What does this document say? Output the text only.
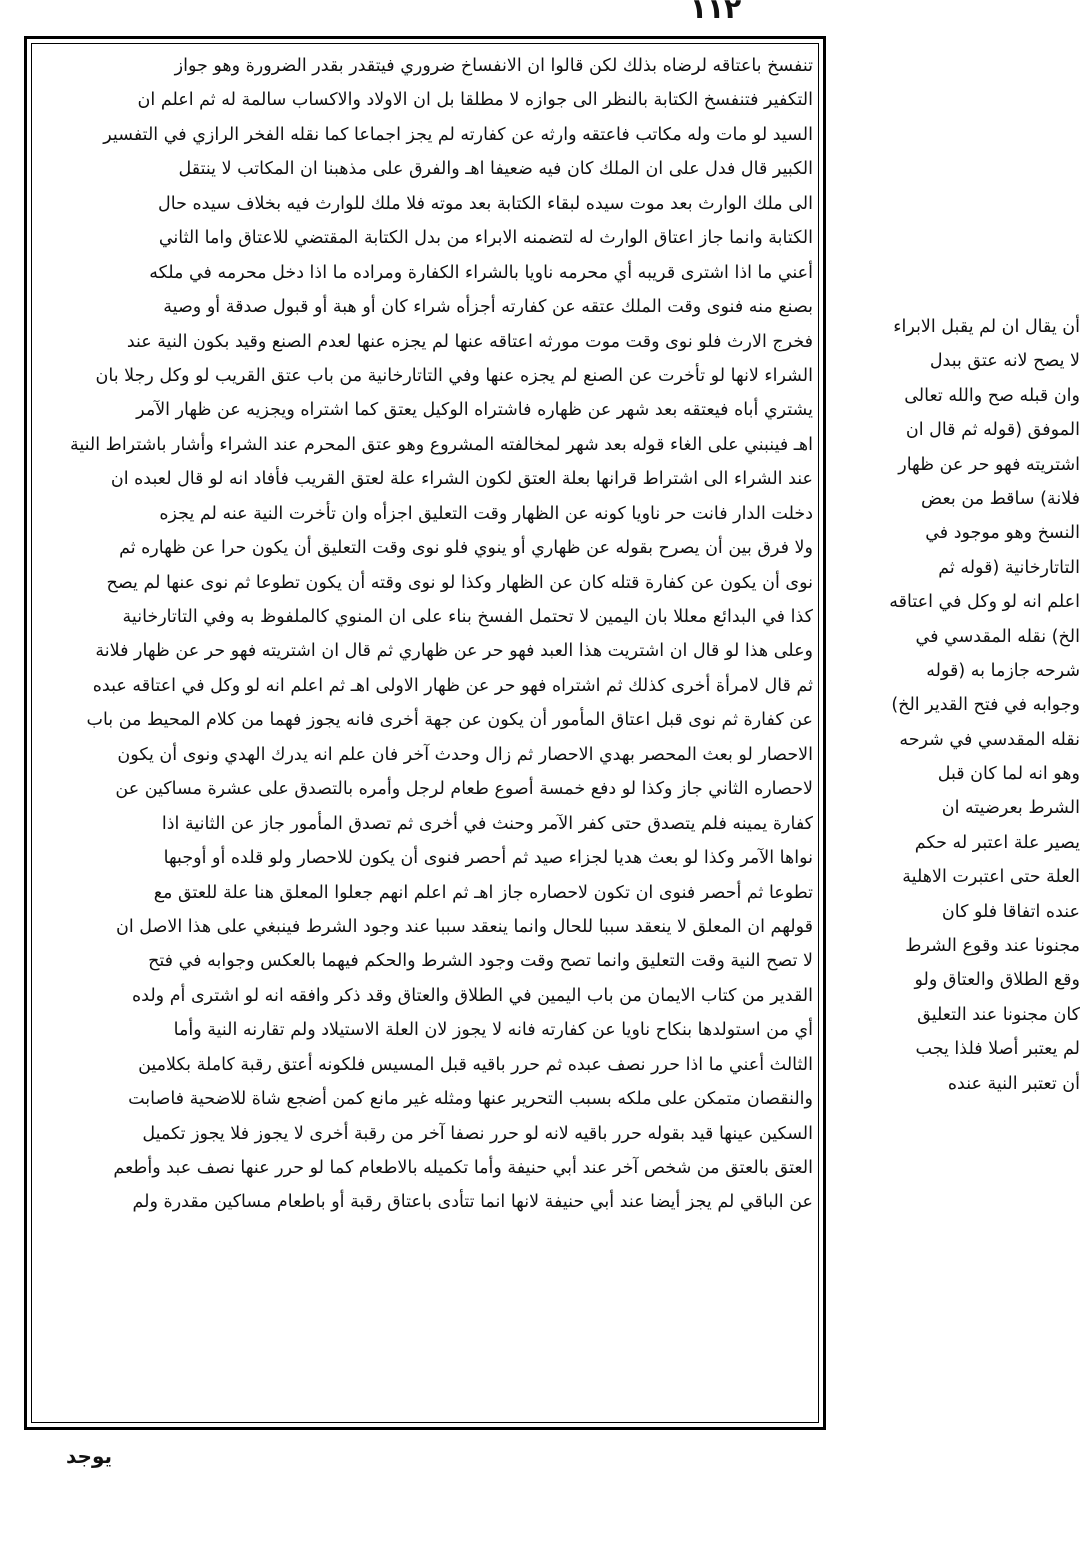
١١٢
تنفسخ باعتاقه لرضاه بذلك لكن قالوا ان الانفساخ ضروري فيتقدر بقدر الضرورة وهو جواز
التكفير فتنفسخ الكتابة بالنظر الى جوازه لا مطلقا بل ان الاولاد والاكساب سالمة له ثم اعلم ان
السيد لو مات وله مكاتب فاعتقه وارثه عن كفارته لم يجز اجماعا كما نقله الفخر الرازي في التفسير
الكبير قال فدل على ان الملك كان فيه ضعيفا اهـ والفرق على مذهبنا ان المكاتب لا ينتقل
الى ملك الوارث بعد موت سيده لبقاء الكتابة بعد موته فلا ملك للوارث فيه بخلاف سيده حال
الكتابة وانما جاز اعتاق الوارث له لتضمنه الابراء من بدل الكتابة المقتضي للاعتاق واما الثاني
أعني ما اذا اشترى قريبه أي محرمه ناويا بالشراء الكفارة ومراده ما اذا دخل محرمه في ملكه
بصنع منه فنوى وقت الملك عتقه عن كفارته أجزأه شراء كان أو هبة أو قبول صدقة أو وصية
فخرج الارث فلو نوى وقت موت مورثه اعتاقه عنها لم يجزه عنها لعدم الصنع وقيد بكون النية عند
الشراء لانها لو تأخرت عن الصنع لم يجزه عنها وفي التاتارخانية من باب عتق القريب لو وكل رجلا بان
يشتري أباه فيعتقه بعد شهر عن ظهاره فاشتراه الوكيل يعتق كما اشتراه ويجزيه عن ظهار الآمر
اهـ فينبني على الغاء قوله بعد شهر لمخالفته المشروع وهو عتق المحرم عند الشراء وأشار باشتراط النية
عند الشراء الى اشتراط قرانها بعلة العتق لكون الشراء علة لعتق القريب فأفاد انه لو قال لعبده ان
دخلت الدار فانت حر ناويا كونه عن الظهار وقت التعليق اجزأه وان تأخرت النية عنه لم يجزه
ولا فرق بين أن يصرح بقوله عن ظهاري أو ينوي فلو نوى وقت التعليق أن يكون حرا عن ظهاره ثم
نوى أن يكون عن كفارة قتله كان عن الظهار وكذا لو نوى وقته أن يكون تطوعا ثم نوى عنها لم يصح
كذا في البدائع معللا بان اليمين لا تحتمل الفسخ بناء على ان المنوي كالملفوظ به وفي التاتارخانية
وعلى هذا لو قال ان اشتريت هذا العبد فهو حر عن ظهاري ثم قال ان اشتريته فهو حر عن ظهار فلانة
ثم قال لامرأة أخرى كذلك ثم اشتراه فهو حر عن ظهار الاولى اهـ ثم اعلم انه لو وكل في اعتاقه عبده
عن كفارة ثم نوى قبل اعتاق المأمور أن يكون عن جهة أخرى فانه يجوز فهما من كلام المحيط من باب
الاحصار لو بعث المحصر بهدي الاحصار ثم زال وحدث آخر فان علم انه يدرك الهدي ونوى أن يكون
لاحصاره الثاني جاز وكذا لو دفع خمسة أصوع طعام لرجل وأمره بالتصدق على عشرة مساكين عن
كفارة يمينه فلم يتصدق حتى كفر الآمر وحنث في أخرى ثم تصدق المأمور جاز عن الثانية اذا
نواها الآمر وكذا لو بعث هديا لجزاء صيد ثم أحصر فنوى أن يكون للاحصار ولو قلده أو أوجبها
تطوعا ثم أحصر فنوى ان تكون لاحصاره جاز اهـ ثم اعلم انهم جعلوا المعلق هنا علة للعتق مع
قولهم ان المعلق لا ينعقد سببا للحال وانما ينعقد سببا عند وجود الشرط فينبغي على هذا الاصل ان
لا تصح النية وقت التعليق وانما تصح وقت وجود الشرط والحكم فيهما بالعكس وجوابه في فتح
القدير من كتاب الايمان من باب اليمين في الطلاق والعتاق وقد ذكر وافقه انه لو اشترى أم ولده
أي من استولدها بنكاح ناويا عن كفارته فانه لا يجوز لان العلة الاستيلاد ولم تقارنه النية وأما
الثالث أعني ما اذا حرر نصف عبده ثم حرر باقيه قبل المسيس فلكونه أعتق رقبة كاملة بكلامين
والنقصان متمكن على ملكه بسبب التحرير عنها ومثله غير مانع كمن أضجع شاة للاضحية فاصابت
السكين عينها قيد بقوله حرر باقيه لانه لو حرر نصفا آخر من رقبة أخرى لا يجوز فلا يجوز تكميل
العتق بالعتق من شخص آخر عند أبي حنيفة وأما تكميله بالاطعام كما لو حرر عنها نصف عبد وأطعم
عن الباقي لم يجز أيضا عند أبي حنيفة لانها انما تتأدى باعتاق رقبة أو باطعام مساكين مقدرة ولم
أن يقال ان لم يقبل الابراء
لا يصح لانه عتق ببدل
وان قبله صح والله تعالى
الموفق (قوله ثم قال ان
اشتريته فهو حر عن ظهار
فلانة) ساقط من بعض
النسخ وهو موجود في
التاتارخانية (قوله ثم
اعلم انه لو وكل في اعتاقه
الخ) نقله المقدسي في
شرحه جازما به (قوله
وجوابه في فتح القدير الخ)
نقله المقدسي في شرحه
وهو انه لما كان قبل
الشرط بعرضيته ان
يصير علة اعتبر له حكم
العلة حتى اعتبرت الاهلية
عنده اتفاقا فلو كان
مجنونا عند وقوع الشرط
وقع الطلاق والعتاق ولو
كان مجنونا عند التعليق
لم يعتبر أصلا فلذا يجب
أن تعتبر النية عنده
يوجد
